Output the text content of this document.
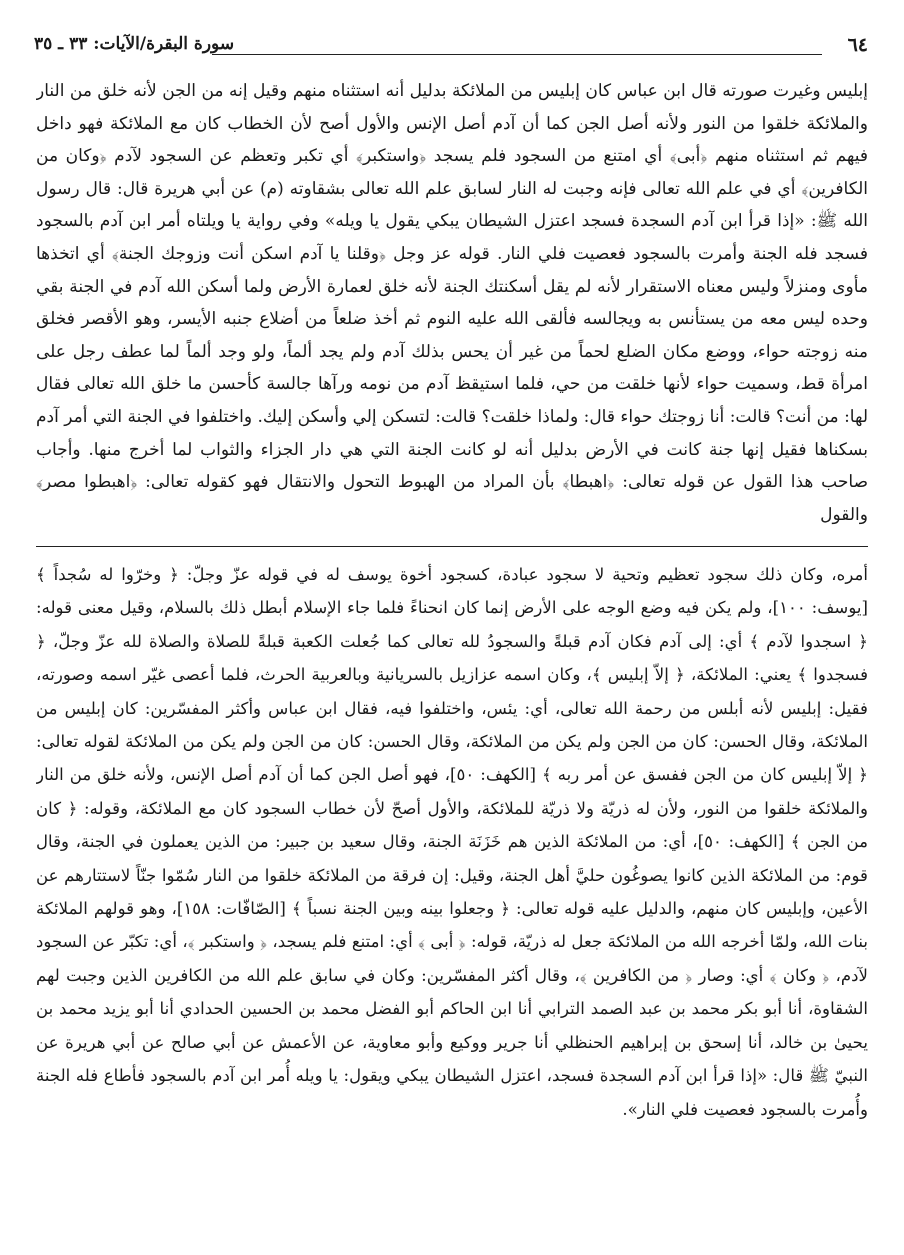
٦٤
سورة البقرة/الآيات: ٣٣ ـ ٣٥

إبليس وغيرت صورته قال ابن عباس كان إبليس من الملائكة بدليل أنه استثناه منهم وقيل إنه من الجن لأنه خلق من النار والملائكة خلقوا من النور ولأنه أصل الجن كما أن آدم أصل الإنس والأول أصح لأن الخطاب كان مع الملائكة فهو داخل فيهم ثم استثناه منهم ﴿أبى﴾ أي امتنع من السجود فلم يسجد ﴿واستكبر﴾ أي تكبر وتعظم عن السجود لآدم ﴿وكان من الكافرين﴾ أي في علم الله تعالى فإنه وجبت له النار لسابق علم الله تعالى بشقاوته (م) عن أبي هريرة قال: قال رسول الله ﷺ: «إذا قرأ ابن آدم السجدة فسجد اعتزل الشيطان يبكي يقول يا ويله» وفي رواية يا ويلتاه أمر ابن آدم بالسجود فسجد فله الجنة وأمرت بالسجود فعصيت فلي النار. قوله عز وجل ﴿وقلنا يا آدم اسكن أنت وزوجك الجنة﴾ أي اتخذها مأوى ومنزلاً وليس معناه الاستقرار لأنه لم يقل أسكنتك الجنة لأنه خلق لعمارة الأرض ولما أسكن الله آدم في الجنة بقي وحده ليس معه من يستأنس به ويجالسه فألقى الله عليه النوم ثم أخذ ضلعاً من أضلاع جنبه الأيسر، وهو الأقصر فخلق منه زوجته حواء، ووضع مكان الضلع لحماً من غير أن يحس بذلك آدم ولم يجد ألماً، ولو وجد ألماً لما عطف رجل على امرأة قط، وسميت حواء لأنها خلقت من حي، فلما استيقظ آدم من نومه ورآها جالسة كأحسن ما خلق الله تعالى فقال لها: من أنت؟ قالت: أنا زوجتك حواء قال: ولماذا خلقت؟ قالت: لتسكن إلي وأسكن إليك. واختلفوا في الجنة التي أمر آدم بسكناها فقيل إنها جنة كانت في الأرض بدليل أنه لو كانت الجنة التي هي دار الجزاء والثواب لما أخرج منها. وأجاب صاحب هذا القول عن قوله تعالى: ﴿اهبطا﴾ بأن المراد من الهبوط التحول والانتقال فهو كقوله تعالى: ﴿اهبطوا مصر﴾ والقول

أمره، وكان ذلك سجود تعظيم وتحية لا سجود عبادة، كسجود أخوة يوسف له في قوله عزّ وجلّ: ﴿ وخرّوا له سُجداً ﴾ [يوسف: ١٠٠]، ولم يكن فيه وضع الوجه على الأرض إنما كان انحناءً فلما جاء الإسلام أبطل ذلك بالسلام، وقيل معنى قوله: ﴿ اسجدوا لآدم ﴾ أي: إلى آدم فكان آدم قبلةً والسجودُ لله تعالى كما جُعلت الكعبة قبلةً للصلاة والصلاة لله عزّ وجلّ، ﴿ فسجدوا ﴾ يعني: الملائكة، ﴿ إلاّ إبليس ﴾، وكان اسمه عزازيل بالسريانية وبالعربية الحرث، فلما أعصى غيّر اسمه وصورته، فقيل: إبليس لأنه أبلس من رحمة الله تعالى، أي: يئس، واختلفوا فيه، فقال ابن عباس وأكثر المفسّرين: كان إبليس من الملائكة، وقال الحسن: كان من الجن ولم يكن من الملائكة، وقال الحسن: كان من الجن ولم يكن من الملائكة لقوله تعالى: ﴿ إلاّ إبليس كان من الجن ففسق عن أمر ربه ﴾ [الكهف: ٥٠]، فهو أصل الجن كما أن آدم أصل الإنس، ولأنه خلق من النار والملائكة خلقوا من النور، ولأن له ذريّة ولا ذريّة للملائكة، والأول أصحّ لأن خطاب السجود كان مع الملائكة، وقوله: ﴿ كان من الجن ﴾ [الكهف: ٥٠]، أي: من الملائكة الذين هم خَزَنَة الجنة، وقال سعيد بن جبير: من الذين يعملون في الجنة، وقال قوم: من الملائكة الذين كانوا يصوغُون حليَّ أهل الجنة، وقيل: إن فرقة من الملائكة خلقوا من النار سُمّوا جنّاً لاستتارهم عن الأعين، وإبليس كان منهم، والدليل عليه قوله تعالى: ﴿ وجعلوا بينه وبين الجنة نسباً ﴾ [الصّافّات: ١٥٨]، وهو قولهم الملائكة بنات الله، ولمّا أخرجه الله من الملائكة جعل له ذريّة، قوله: ﴿ أبى ﴾ أي: امتنع فلم يسجد، ﴿ واستكبر ﴾، أي: تكبّر عن السجود لآدم، ﴿ وكان ﴾ أي: وصار ﴿ من الكافرين ﴾، وقال أكثر المفسّرين: وكان في سابق علم الله من الكافرين الذين وجبت لهم الشقاوة، أنا أبو بكر محمد بن عبد الصمد الترابي أنا ابن الحاكم أبو الفضل محمد بن الحسين الحدادي أنا أبو يزيد محمد بن يحيىٰ بن خالد، أنا إسحق بن إبراهيم الحنظلي أنا جرير ووكيع وأبو معاوية، عن الأعمش عن أبي صالح عن أبي هريرة عن النبيّ ﷺ قال: «إذا قرأ ابن آدم السجدة فسجد، اعتزل الشيطان يبكي ويقول: يا ويله أُمر ابن آدم بالسجود فأطاع فله الجنة وأُمرت بالسجود فعصيت فلي النار».
